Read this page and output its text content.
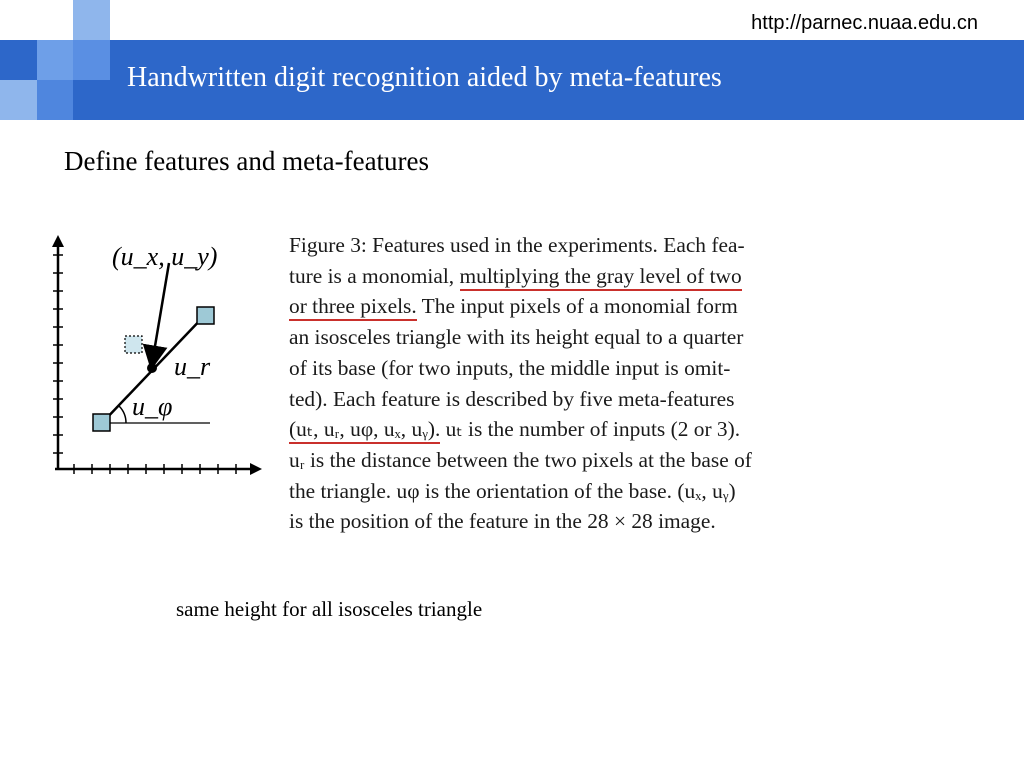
http://parnec.nuaa.edu.cn
Handwritten digit recognition aided by meta-features
Define features and meta-features
(u_x, u_y)
u_r
u_φ
Figure 3: Features used in the experiments. Each fea-
ture is a monomial, multiplying the gray level of two
or three pixels. The input pixels of a monomial form
an isosceles triangle with its height equal to a quarter
of its base (for two inputs, the middle input is omit-
ted). Each feature is described by five meta-features
(uₜ, uᵣ, uφ, uₓ, uᵧ). uₜ is the number of inputs (2 or 3).
uᵣ is the distance between the two pixels at the base of
the triangle. uφ is the orientation of the base. (uₓ, uᵧ)
is the position of the feature in the 28 × 28 image.
same height for all isosceles triangle
